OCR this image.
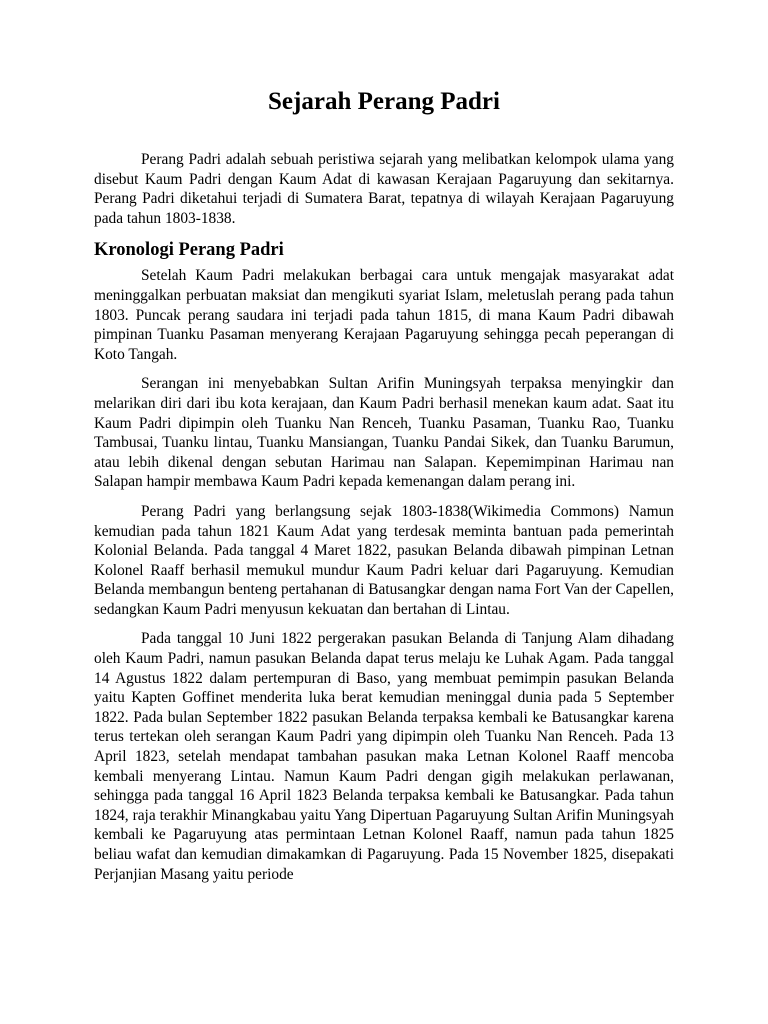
Sejarah Perang Padri

Perang Padri adalah sebuah peristiwa sejarah yang melibatkan kelompok ulama yang disebut Kaum Padri dengan Kaum Adat di kawasan Kerajaan Pagaruyung dan sekitarnya. Perang Padri diketahui terjadi di Sumatera Barat, tepatnya di wilayah Kerajaan Pagaruyung pada tahun 1803-1838.

Kronologi Perang Padri

Setelah Kaum Padri melakukan berbagai cara untuk mengajak masyarakat adat meninggalkan perbuatan maksiat dan mengikuti syariat Islam, meletuslah perang pada tahun 1803. Puncak perang saudara ini terjadi pada tahun 1815, di mana Kaum Padri dibawah pimpinan Tuanku Pasaman menyerang Kerajaan Pagaruyung sehingga pecah peperangan di Koto Tangah.

Serangan ini menyebabkan Sultan Arifin Muningsyah terpaksa menyingkir dan melarikan diri dari ibu kota kerajaan, dan Kaum Padri berhasil menekan kaum adat. Saat itu Kaum Padri dipimpin oleh Tuanku Nan Renceh, Tuanku Pasaman, Tuanku Rao, Tuanku Tambusai, Tuanku lintau, Tuanku Mansiangan, Tuanku Pandai Sikek, dan Tuanku Barumun, atau lebih dikenal dengan sebutan Harimau nan Salapan. Kepemimpinan Harimau nan Salapan hampir membawa Kaum Padri kepada kemenangan dalam perang ini.

Perang Padri yang berlangsung sejak 1803-1838(Wikimedia Commons) Namun kemudian pada tahun 1821 Kaum Adat yang terdesak meminta bantuan pada pemerintah Kolonial Belanda. Pada tanggal 4 Maret 1822, pasukan Belanda dibawah pimpinan Letnan Kolonel Raaff berhasil memukul mundur Kaum Padri keluar dari Pagaruyung. Kemudian Belanda membangun benteng pertahanan di Batusangkar dengan nama Fort Van der Capellen, sedangkan Kaum Padri menyusun kekuatan dan bertahan di Lintau.

Pada tanggal 10 Juni 1822 pergerakan pasukan Belanda di Tanjung Alam dihadang oleh Kaum Padri, namun pasukan Belanda dapat terus melaju ke Luhak Agam. Pada tanggal 14 Agustus 1822 dalam pertempuran di Baso, yang membuat pemimpin pasukan Belanda yaitu Kapten Goffinet menderita luka berat kemudian meninggal dunia pada 5 September 1822. Pada bulan September 1822 pasukan Belanda terpaksa kembali ke Batusangkar karena terus tertekan oleh serangan Kaum Padri yang dipimpin oleh Tuanku Nan Renceh. Pada 13 April 1823, setelah mendapat tambahan pasukan maka Letnan Kolonel Raaff mencoba kembali menyerang Lintau. Namun Kaum Padri dengan gigih melakukan perlawanan, sehingga pada tanggal 16 April 1823 Belanda terpaksa kembali ke Batusangkar. Pada tahun 1824, raja terakhir Minangkabau yaitu Yang Dipertuan Pagaruyung Sultan Arifin Muningsyah kembali ke Pagaruyung atas permintaan Letnan Kolonel Raaff, namun pada tahun 1825 beliau wafat dan kemudian dimakamkan di Pagaruyung. Pada 15 November 1825, disepakati Perjanjian Masang yaitu periode
